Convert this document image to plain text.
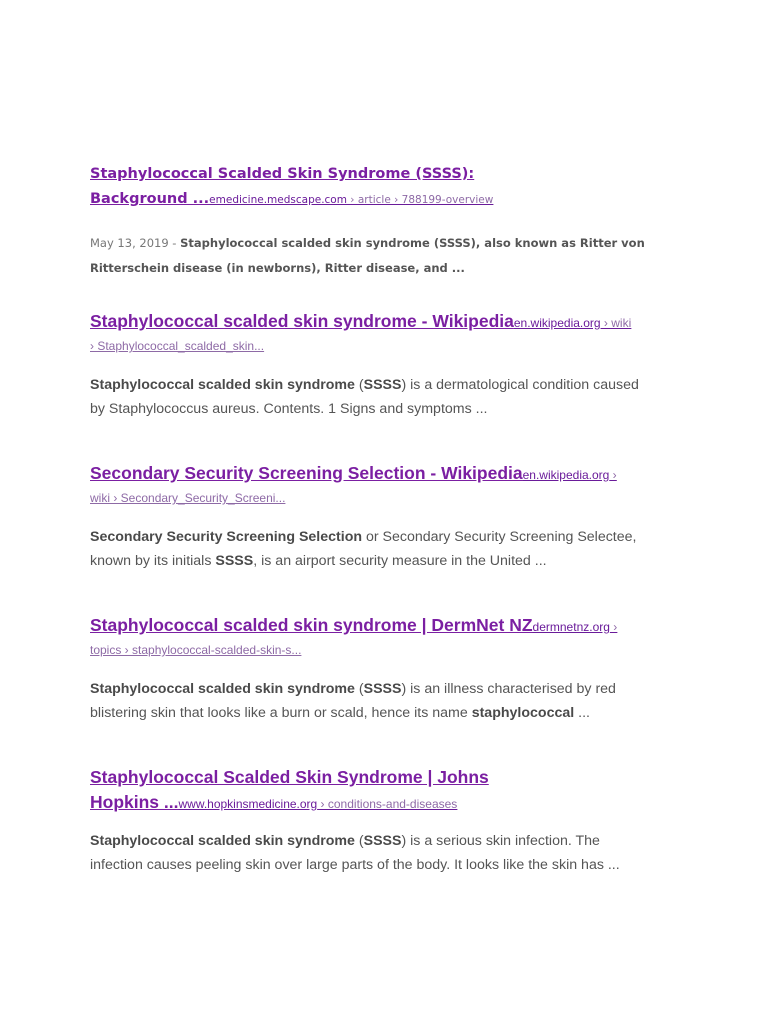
Staphylococcal Scalded Skin Syndrome (SSSS):

Background ...emedicine.medscape.com › article › 788199-overview

May 13, 2019 - Staphylococcal scalded skin syndrome (SSSS), also known as Ritter von
Ritterschein disease (in newborns), Ritter disease, and ...

Staphylococcal scalded skin syndrome - Wikipediaen.wikipedia.org › wiki

› Staphylococcal_scalded_skin...

Staphylococcal scalded skin syndrome (SSSS) is a dermatological condition caused
by Staphylococcus aureus. Contents. 1 Signs and symptoms ...

Secondary Security Screening Selection - Wikipediaen.wikipedia.org ›

wiki › Secondary_Security_Screeni...

Secondary Security Screening Selection or Secondary Security Screening Selectee,
known by its initials SSSS, is an airport security measure in the United ...

Staphylococcal scalded skin syndrome | DermNet NZdermnetnz.org ›

topics › staphylococcal-scalded-skin-s...

Staphylococcal scalded skin syndrome (SSSS) is an illness characterised by red
blistering skin that looks like a burn or scald, hence its name staphylococcal ...

Staphylococcal Scalded Skin Syndrome | Johns

Hopkins ...www.hopkinsmedicine.org › conditions-and-diseases

Staphylococcal scalded skin syndrome (SSSS) is a serious skin infection. The
infection causes peeling skin over large parts of the body. It looks like the skin has ...
